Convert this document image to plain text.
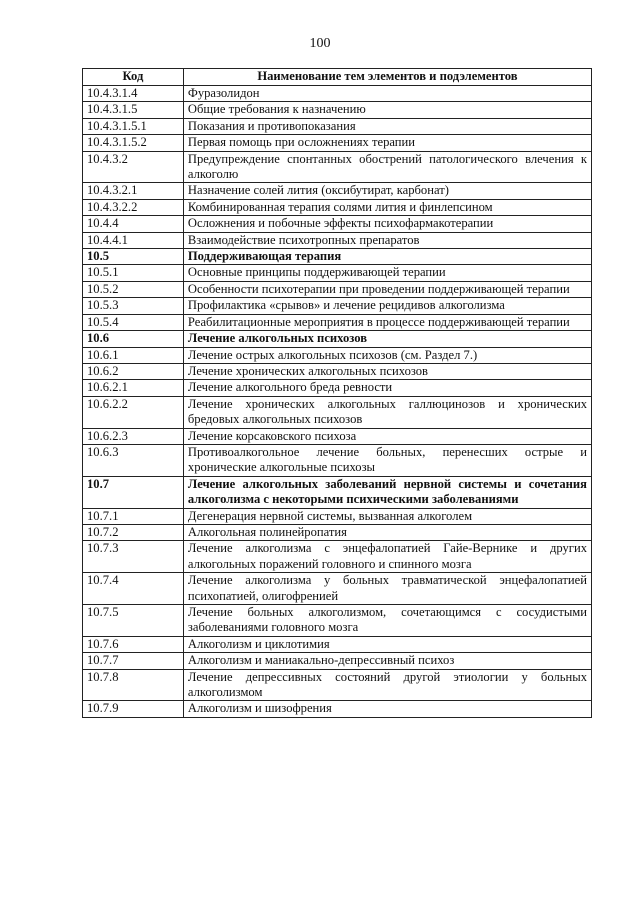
100
Код	Наименование тем элементов и подэлементов
10.4.3.1.4	Фуразолидон
10.4.3.1.5	Общие требования к назначению
10.4.3.1.5.1	Показания и противопоказания
10.4.3.1.5.2	Первая помощь при осложнениях терапии
10.4.3.2	Предупреждение спонтанных обострений патологического влечения к алкоголю
10.4.3.2.1	Назначение солей лития (оксибутират, карбонат)
10.4.3.2.2	Комбинированная терапия солями лития и финлепсином
10.4.4	Осложнения и побочные эффекты психофармакотерапии
10.4.4.1	Взаимодействие психотропных препаратов
10.5	Поддерживающая терапия
10.5.1	Основные принципы поддерживающей терапии
10.5.2	Особенности психотерапии при проведении поддерживающей терапии
10.5.3	Профилактика «срывов» и лечение рецидивов алкоголизма
10.5.4	Реабилитационные мероприятия в процессе поддерживающей терапии
10.6	Лечение алкогольных психозов
10.6.1	Лечение острых алкогольных психозов (см. Раздел 7.)
10.6.2	Лечение хронических алкогольных психозов
10.6.2.1	Лечение алкогольного бреда ревности
10.6.2.2	Лечение хронических алкогольных галлюцинозов и хронических бредовых алкогольных психозов
10.6.2.3	Лечение корсаковского психоза
10.6.3	Противоалкогольное лечение больных, перенесших острые и хронические алкогольные психозы
10.7	Лечение алкогольных заболеваний нервной системы и сочетания алкоголизма с некоторыми психическими заболеваниями
10.7.1	Дегенерация нервной системы, вызванная алкоголем
10.7.2	Алкогольная полинейропатия
10.7.3	Лечение алкоголизма с энцефалопатией Гайе-Вернике и других алкогольных поражений головного и спинного мозга
10.7.4	Лечение алкоголизма у больных травматической энцефалопатией психопатией, олигофренией
10.7.5	Лечение больных алкоголизмом, сочетающимся с сосудистыми заболеваниями головного мозга
10.7.6	Алкоголизм и циклотимия
10.7.7	Алкоголизм и маниакально-депрессивный психоз
10.7.8	Лечение депрессивных состояний другой этиологии у больных алкоголизмом
10.7.9	Алкоголизм и шизофрения
